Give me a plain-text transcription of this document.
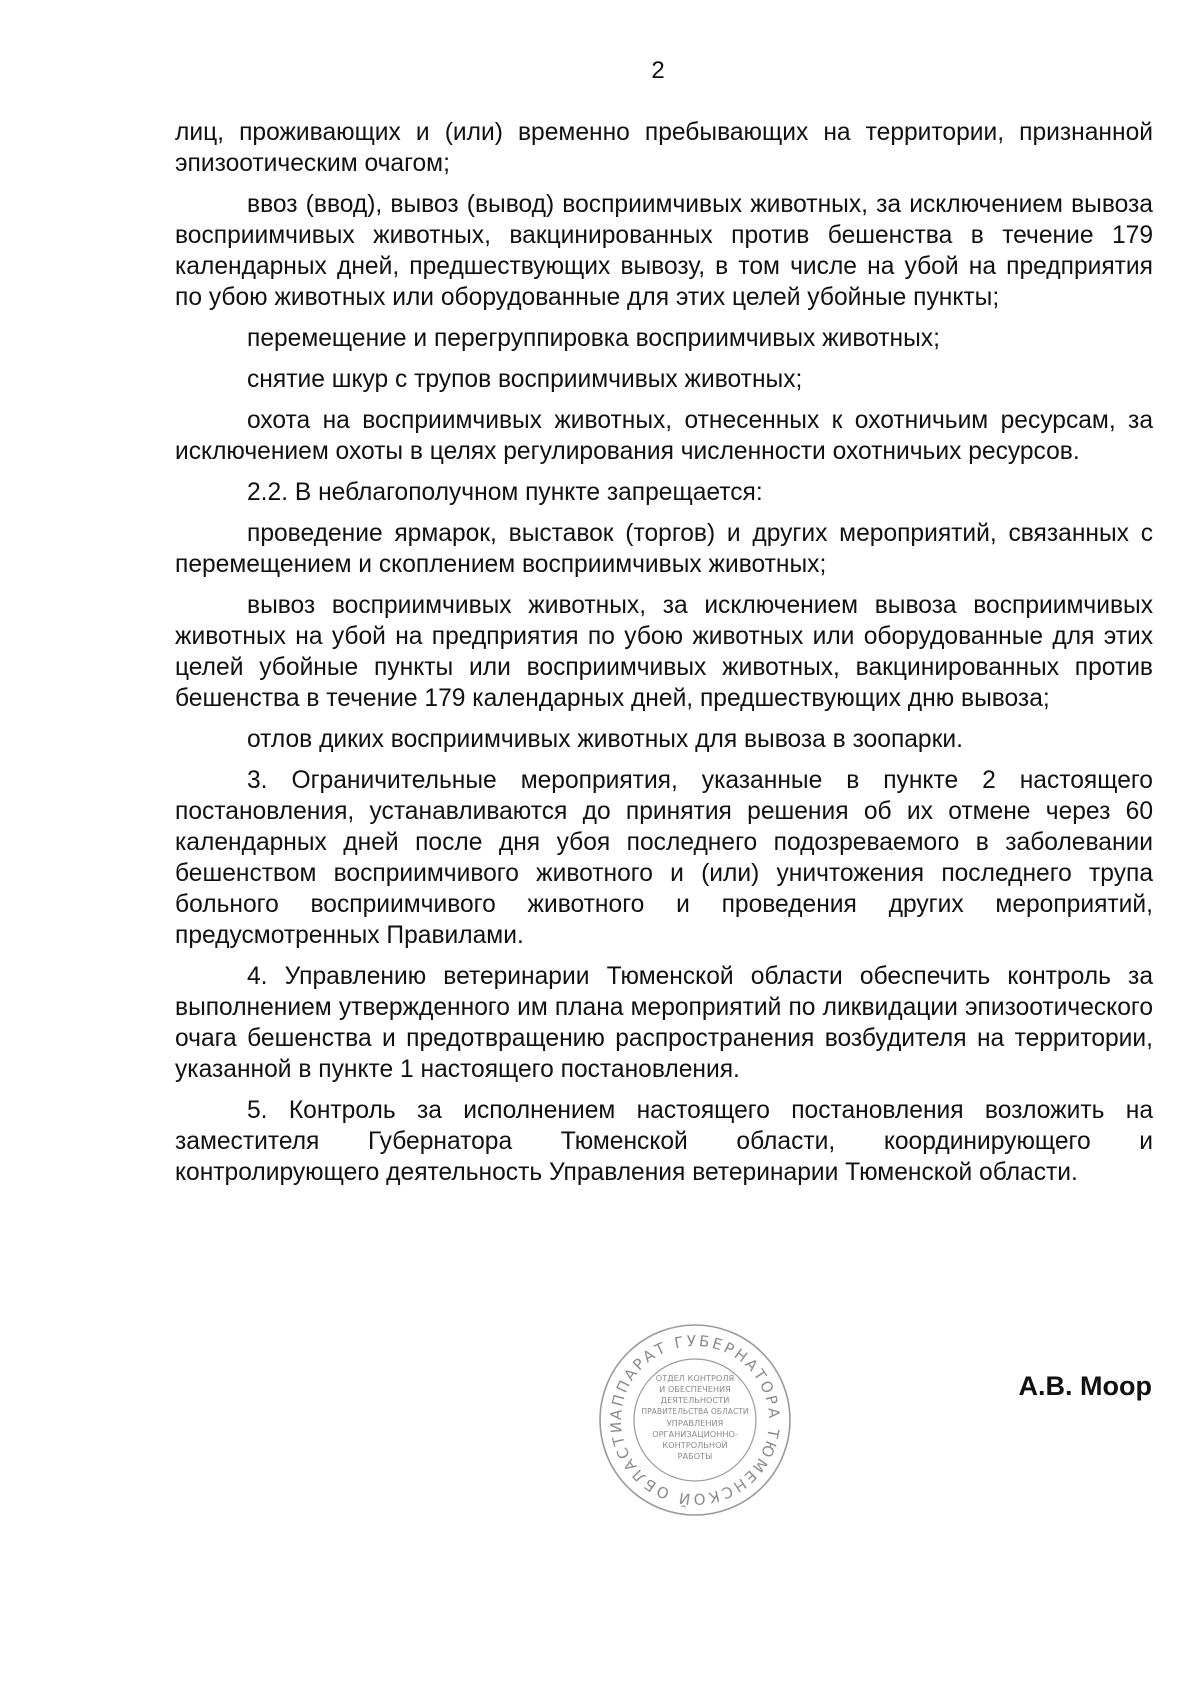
2

лиц, проживающих и (или) временно пребывающих на территории, признанной эпизоотическим очагом;

ввоз (ввод), вывоз (вывод) восприимчивых животных, за исключением вывоза восприимчивых животных, вакцинированных против бешенства в течение 179 календарных дней, предшествующих вывозу, в том числе на убой на предприятия по убою животных или оборудованные для этих целей убойные пункты;

перемещение и перегруппировка восприимчивых животных;

снятие шкур с трупов восприимчивых животных;

охота на восприимчивых животных, отнесенных к охотничьим ресурсам, за исключением охоты в целях регулирования численности охотничьих ресурсов.

2.2. В неблагополучном пункте запрещается:

проведение ярмарок, выставок (торгов) и других мероприятий, связанных с перемещением и скоплением восприимчивых животных;

вывоз восприимчивых животных, за исключением вывоза восприимчивых животных на убой на предприятия по убою животных или оборудованные для этих целей убойные пункты или восприимчивых животных, вакцинированных против бешенства в течение 179 календарных дней, предшествующих дню вывоза;

отлов диких восприимчивых животных для вывоза в зоопарки.

3. Ограничительные мероприятия, указанные в пункте 2 настоящего постановления, устанавливаются до принятия решения об их отмене через 60 календарных дней после дня убоя последнего подозреваемого в заболевании бешенством восприимчивого животного и (или) уничтожения последнего трупа больного восприимчивого животного и проведения других мероприятий, предусмотренных Правилами.

4. Управлению ветеринарии Тюменской области обеспечить контроль за выполнением утвержденного им плана мероприятий по ликвидации эпизоотического очага бешенства и предотвращению распространения возбудителя на территории, указанной в пункте 1 настоящего постановления.

5. Контроль за исполнением настоящего постановления возложить на заместителя Губернатора Тюменской области, координирующего и контролирующего деятельность Управления ветеринарии Тюменской области.

АППАРАТ ГУБЕРНАТОРА ТЮМЕНСКОЙ ОБЛАСТИ
ОТДЕЛ КОНТРОЛЯ
И ОБЕСПЕЧЕНИЯ
ДЕЯТЕЛЬНОСТИ
ПРАВИТЕЛЬСТВА ОБЛАСТИ
УПРАВЛЕНИЯ
ОРГАНИЗАЦИОННО-
КОНТРОЛЬНОЙ
РАБОТЫ
А.В. Моор
